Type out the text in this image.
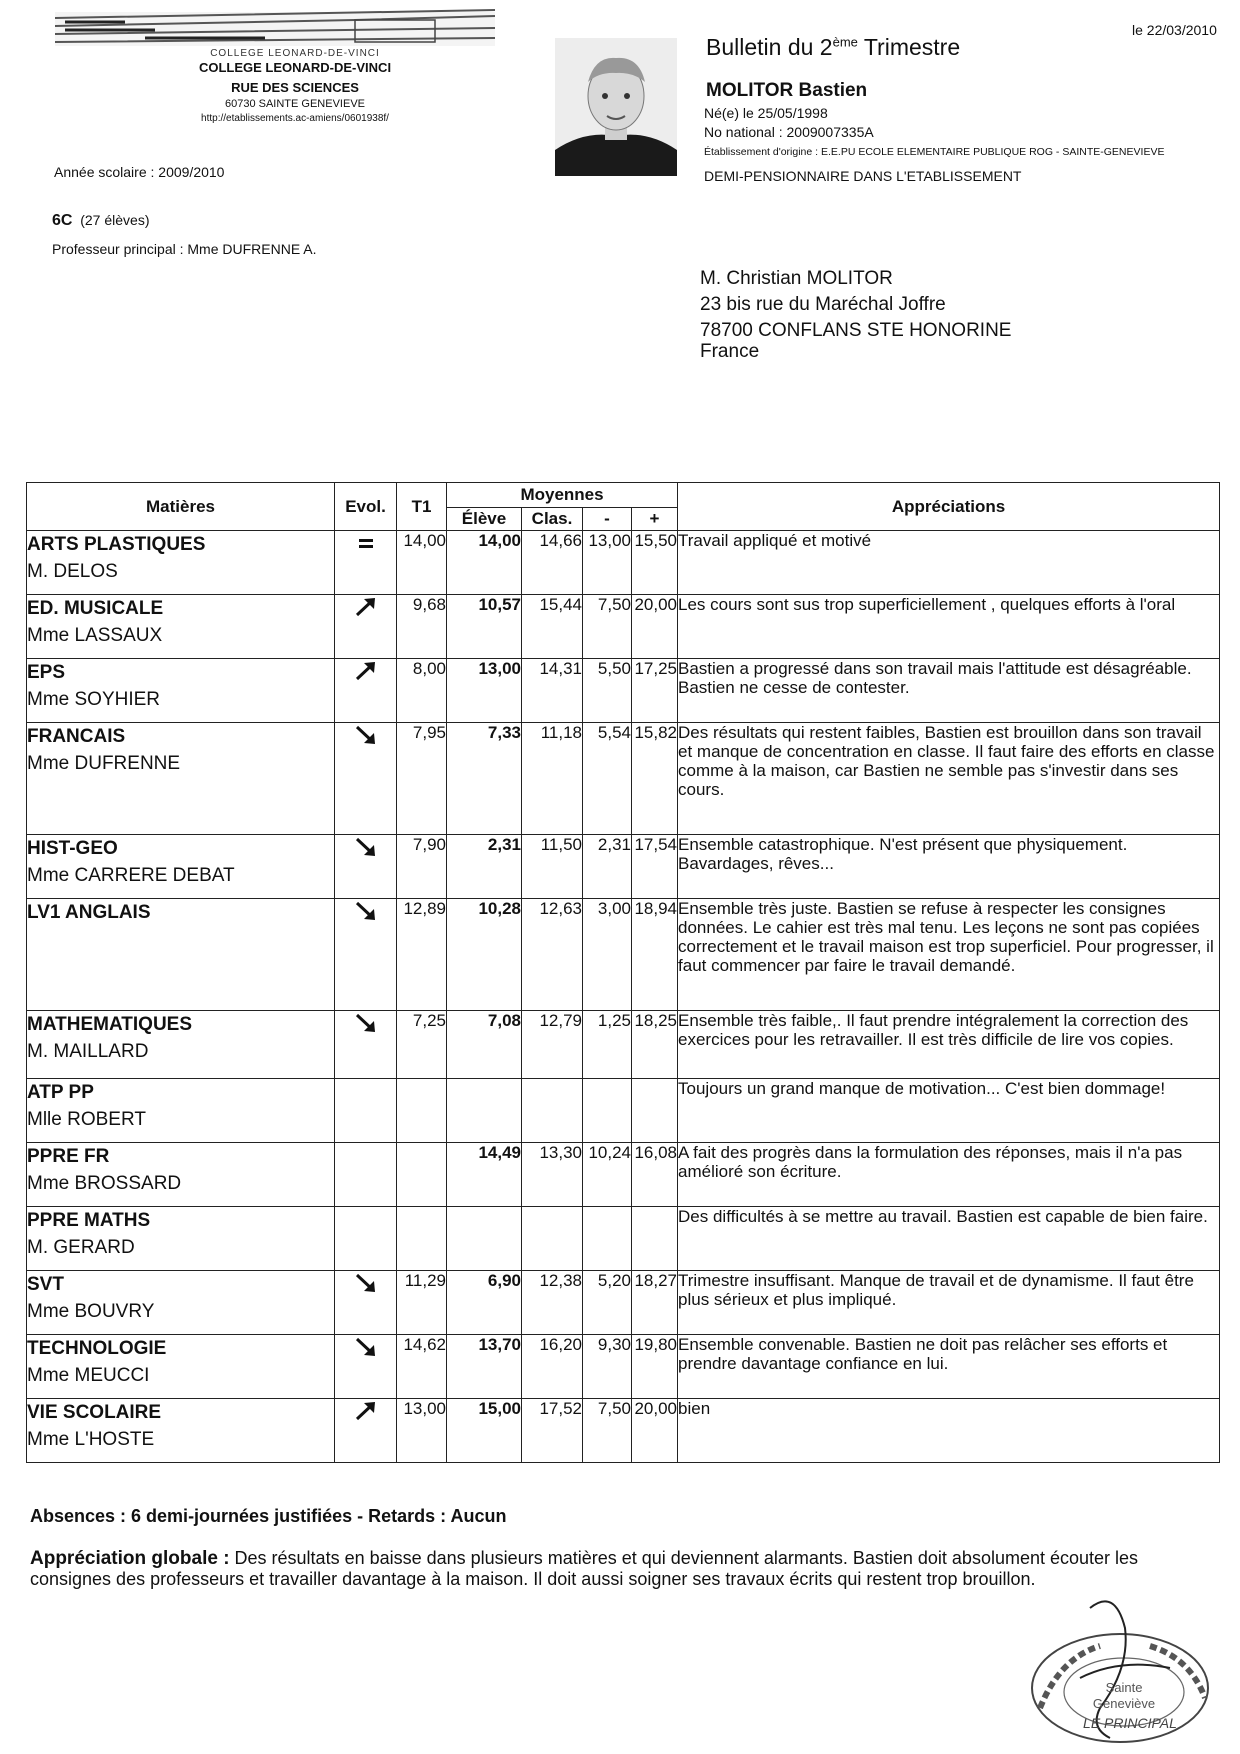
COLLEGE LEONARD-DE-VINCI
COLLEGE LEONARD-DE-VINCI
RUE DES SCIENCES
60730 SAINTE GENEVIEVE
http://etablissements.ac-amiens/0601938f/
Année scolaire : 2009/2010
6C (27 élèves)
Professeur principal : Mme DUFRENNE A.
le 22/03/2010
Bulletin du 2ème Trimestre
MOLITOR Bastien
Né(e) le 25/05/1998
No national : 2009007335A
Établissement d'origine : E.E.PU ECOLE ELEMENTAIRE PUBLIQUE ROG - SAINTE-GENEVIEVE
DEMI-PENSIONNAIRE DANS L'ETABLISSEMENT
M. Christian MOLITOR
23 bis rue du Maréchal Joffre
78700 CONFLANS STE HONORINE
France
Matières	Evol.	T1	Moyennes				Appréciations
			Élève	Clas.	-	+	

ARTS PLASTIQUES
M. DELOS		14,00	14,00	14,66	13,00	15,50	Travail appliqué et motivé

ED. MUSICALE
Mme LASSAUX		9,68	10,57	15,44	7,50	20,00	Les cours sont sus trop superficiellement , quelques efforts à l'oral

EPS
Mme SOYHIER		8,00	13,00	14,31	5,50	17,25	Bastien a progressé dans son travail mais l'attitude est désagréable. Bastien ne cesse de contester.

FRANCAIS
Mme DUFRENNE		7,95	7,33	11,18	5,54	15,82	Des résultats qui restent faibles, Bastien est brouillon dans son travail et manque de concentration en classe. Il faut faire des efforts en classe comme à la maison, car Bastien ne semble pas s'investir dans ses cours.

HIST-GEO
Mme CARRERE DEBAT		7,90	2,31	11,50	2,31	17,54	Ensemble catastrophique. N'est présent que physiquement. Bavardages, rêves...

LV1 ANGLAIS		12,89	10,28	12,63	3,00	18,94	Ensemble très juste. Bastien se refuse à respecter les consignes données. Le cahier est très mal tenu. Les leçons ne sont pas copiées correctement et le travail maison est trop superficiel. Pour progresser, il faut commencer par faire le travail demandé.

MATHEMATIQUES
M. MAILLARD		7,25	7,08	12,79	1,25	18,25	Ensemble très faible,. Il faut prendre intégralement la correction des exercices pour les retravailler. Il est très difficile de lire vos copies.

ATP PP
Mlle ROBERT							Toujours un grand manque de motivation... C'est bien dommage!

PPRE FR
Mme BROSSARD			14,49	13,30	10,24	16,08	A fait des progrès dans la formulation des réponses, mais il n'a pas amélioré son écriture.

PPRE MATHS
M. GERARD							Des difficultés à se mettre au travail. Bastien est capable de bien faire.

SVT
Mme BOUVRY		11,29	6,90	12,38	5,20	18,27	Trimestre insuffisant. Manque de travail et de dynamisme. Il faut être plus sérieux et plus impliqué.

TECHNOLOGIE
Mme MEUCCI		14,62	13,70	16,20	9,30	19,80	Ensemble convenable. Bastien ne doit pas relâcher ses efforts et prendre davantage confiance en lui.

VIE SCOLAIRE
Mme L'HOSTE		13,00	15,00	17,52	7,50	20,00	bien
Absences : 6 demi-journées justifiées - Retards : Aucun
Appréciation globale : Des résultats en baisse dans plusieurs matières et qui deviennent alarmants. Bastien doit absolument écouter les consignes des professeurs et travailler davantage à la maison. Il doit aussi soigner ses travaux écrits qui restent trop brouillon.
Sainte
Geneviève
LE PRINCIPAL
